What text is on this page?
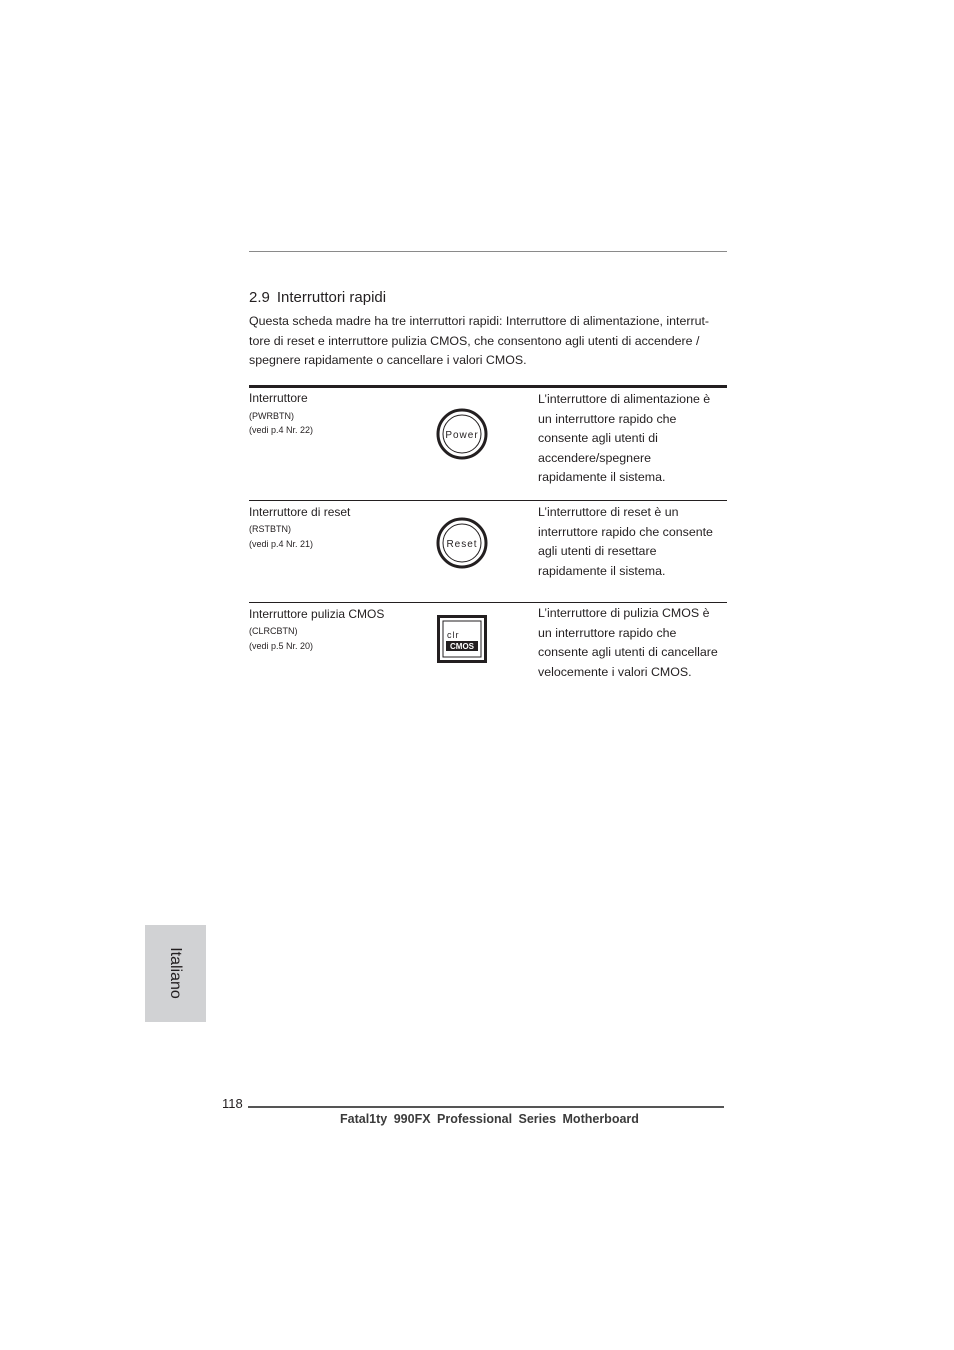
2.9 Interruttori rapidi

Questa scheda madre ha tre interruttori rapidi: Interruttore di alimentazione, interrut-
tore di reset e interruttore pulizia CMOS, che consentono agli utenti di accendere /
spegnere rapidamente o cancellare i valori CMOS.

Interruttore
(PWRBTN)
(vedi p.4 Nr. 22)	Power
L’interruttore di alimentazione è
un interruttore rapido che
consente agli utenti di
accendere/spegnere
rapidamente il sistema.
Interruttore di reset
(RSTBTN)
(vedi p.4 Nr. 21)	Reset
L’interruttore di reset è un
interruttore rapido che consente
agli utenti di resettare
rapidamente il sistema.
Interruttore pulizia CMOS
(CLRCBTN)
(vedi p.5 Nr. 20)
clr
CMOS
L’interruttore di pulizia CMOS è
un interruttore rapido che
consente agli utenti di cancellare
velocemente i valori CMOS.
Italiano
118
Fatal1ty 990FX Professional Series Motherboard
